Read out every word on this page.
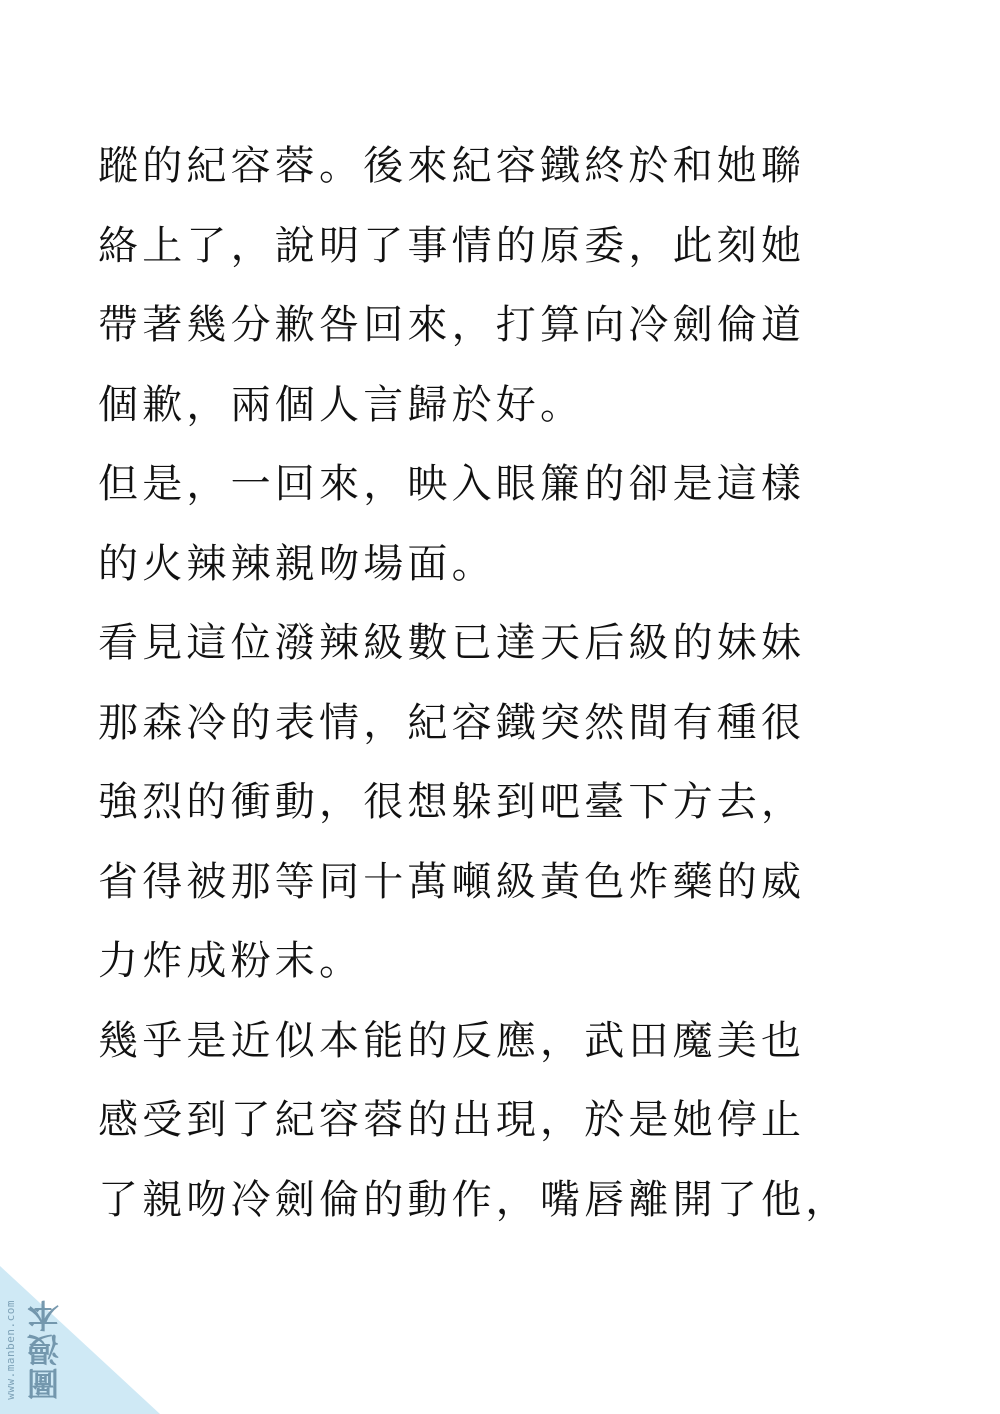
蹤的紀容蓉。後來紀容鐵終於和她聯
絡上了，說明了事情的原委，此刻她
帶著幾分歉咎回來，打算向冷劍倫道
個歉，兩個人言歸於好。
但是，一回來，映入眼簾的卻是這樣
的火辣辣親吻場面。
看見這位潑辣級數已達天后級的妹妹
那森冷的表情，紀容鐵突然間有種很
強烈的衝動，很想躲到吧臺下方去，
省得被那等同十萬噸級黃色炸藥的威
力炸成粉末。
幾乎是近似本能的反應，武田魔美也
感受到了紀容蓉的出現，於是她停止
了親吻冷劍倫的動作，嘴唇離開了他，
www.manben.com 圖漫本
